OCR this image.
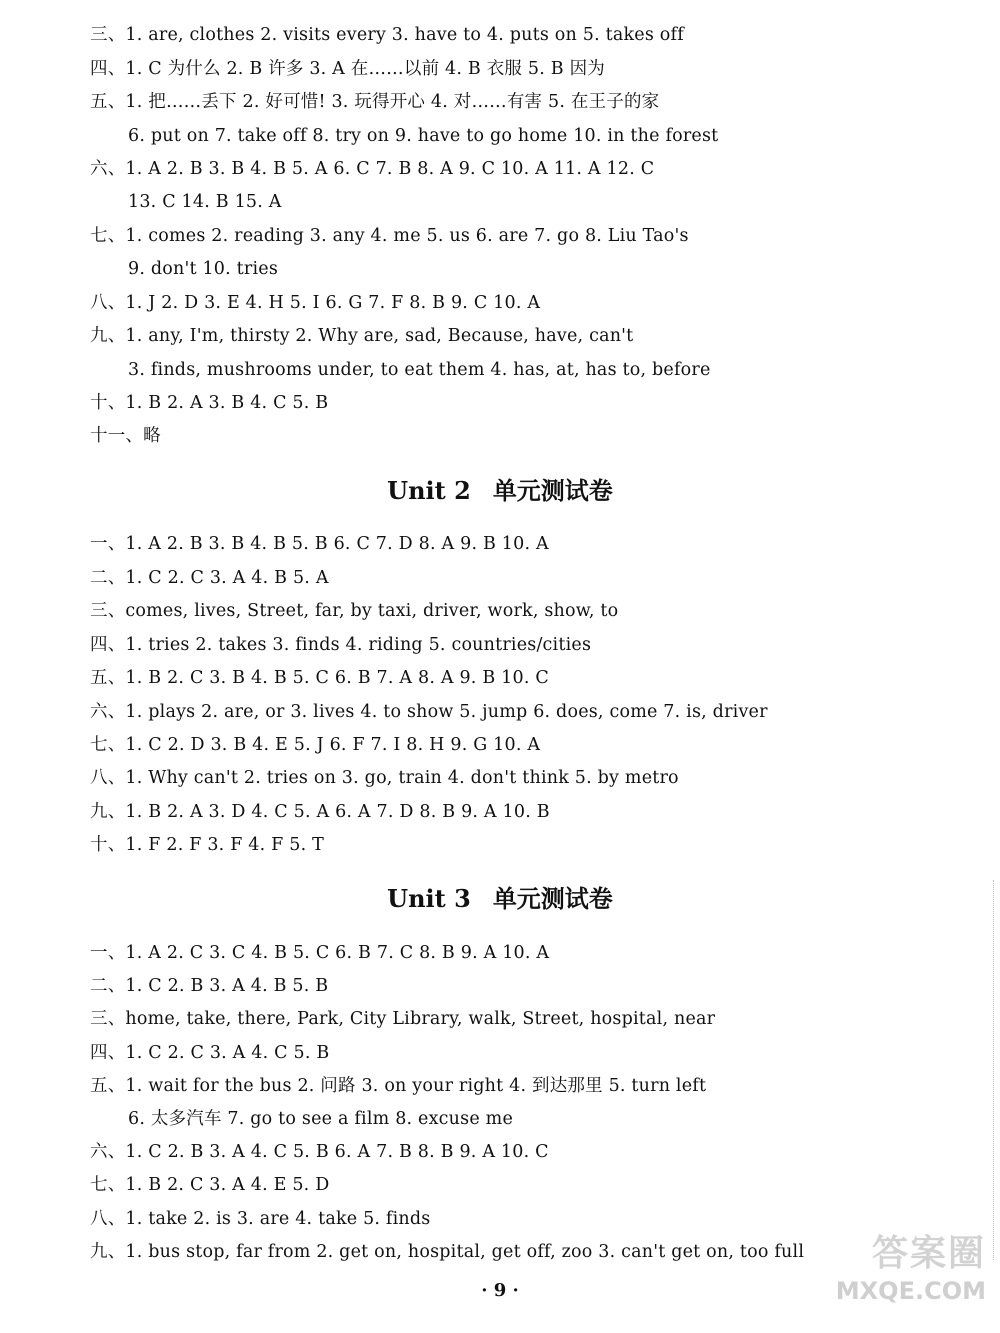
三、1. are, clothes 2. visits every 3. have to 4. puts on 5. takes off
四、1. C 为什么 2. B 许多 3. A 在……以前 4. B 衣服 5. B 因为
五、1. 把……丢下 2. 好可惜! 3. 玩得开心 4. 对……有害 5. 在王子的家
6. put on 7. take off 8. try on 9. have to go home 10. in the forest
六、1. A 2. B 3. B 4. B 5. A 6. C 7. B 8. A 9. C 10. A 11. A 12. C
13. C 14. B 15. A
七、1. comes 2. reading 3. any 4. me 5. us 6. are 7. go 8. Liu Tao's
9. don't 10. tries
八、1. J 2. D 3. E 4. H 5. I 6. G 7. F 8. B 9. C 10. A
九、1. any, I'm, thirsty 2. Why are, sad, Because, have, can't
3. finds, mushrooms under, to eat them 4. has, at, has to, before
十、1. B 2. A 3. B 4. C 5. B
十一、略
Unit 2 单元测试卷
一、1. A 2. B 3. B 4. B 5. B 6. C 7. D 8. A 9. B 10. A
二、1. C 2. C 3. A 4. B 5. A
三、comes, lives, Street, far, by taxi, driver, work, show, to
四、1. tries 2. takes 3. finds 4. riding 5. countries/cities
五、1. B 2. C 3. B 4. B 5. C 6. B 7. A 8. A 9. B 10. C
六、1. plays 2. are, or 3. lives 4. to show 5. jump 6. does, come 7. is, driver
七、1. C 2. D 3. B 4. E 5. J 6. F 7. I 8. H 9. G 10. A
八、1. Why can't 2. tries on 3. go, train 4. don't think 5. by metro
九、1. B 2. A 3. D 4. C 5. A 6. A 7. D 8. B 9. A 10. B
十、1. F 2. F 3. F 4. F 5. T
Unit 3 单元测试卷
一、1. A 2. C 3. C 4. B 5. C 6. B 7. C 8. B 9. A 10. A
二、1. C 2. B 3. A 4. B 5. B
三、home, take, there, Park, City Library, walk, Street, hospital, near
四、1. C 2. C 3. A 4. C 5. B
五、1. wait for the bus 2. 问路 3. on your right 4. 到达那里 5. turn left
6. 太多汽车 7. go to see a film 8. excuse me
六、1. C 2. B 3. A 4. C 5. B 6. A 7. B 8. B 9. A 10. C
七、1. B 2. C 3. A 4. E 5. D
八、1. take 2. is 3. are 4. take 5. finds
九、1. bus stop, far from 2. get on, hospital, get off, zoo 3. can't get on, too full
· 9 ·
答案圈
MXQE.COM
